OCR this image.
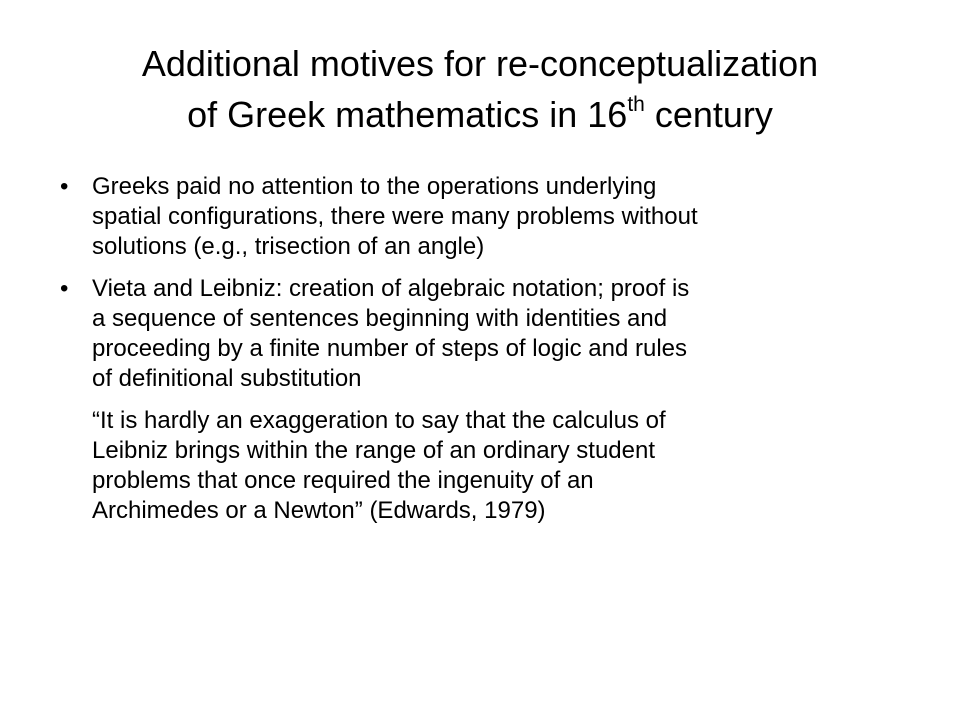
Additional motives for re-conceptualization
of Greek mathematics in 16th century
• Greeks paid no attention to the operations underlying
spatial configurations, there were many problems without
solutions (e.g., trisection of an angle)
• Vieta and Leibniz: creation of algebraic notation; proof is
a sequence of sentences beginning with identities and
proceeding by a finite number of steps of logic and rules
of definitional substitution
“It is hardly an exaggeration to say that the calculus of
Leibniz brings within the range of an ordinary student
problems that once required the ingenuity of an
Archimedes or a Newton” (Edwards, 1979)
